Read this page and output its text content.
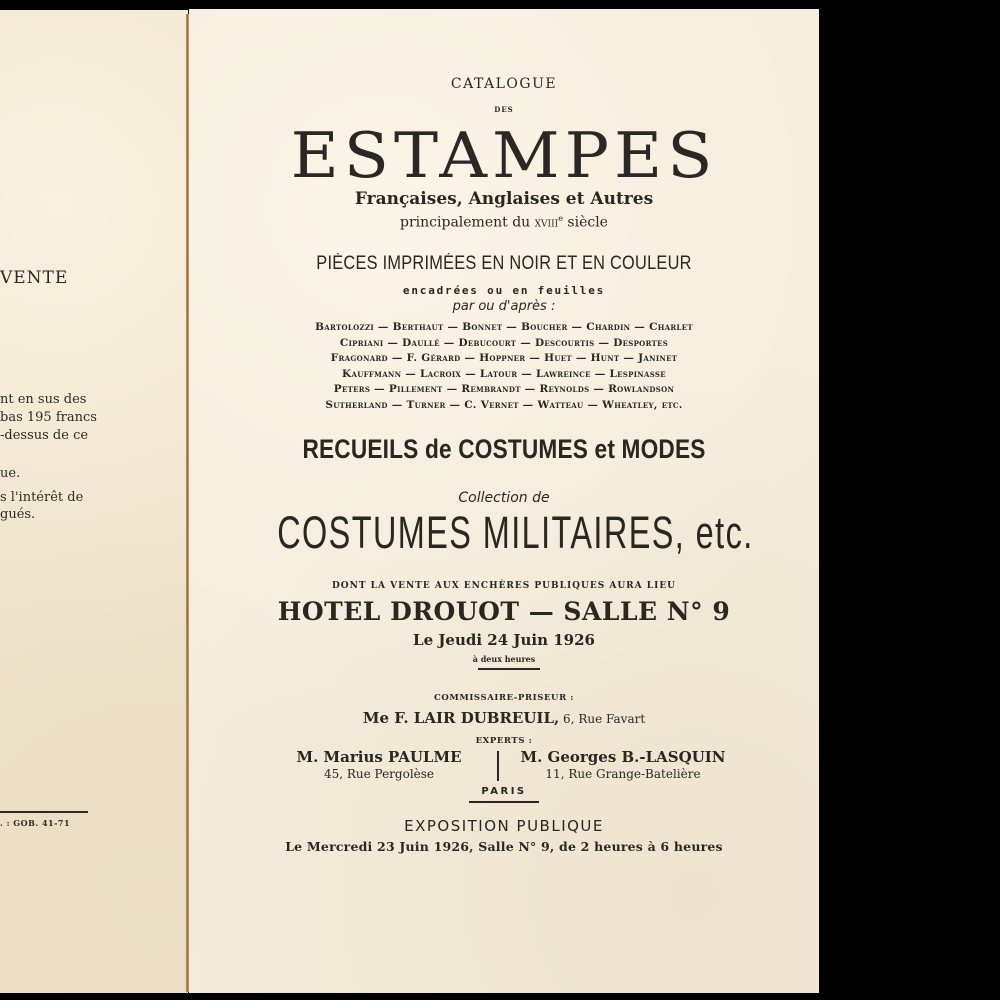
VENTE
nt en sus des
bas 195 francs
-dessus de ce
ue.
s l'intérêt de
gués.
. : GOB. 41-71
CATALOGUE
DES
ESTAMPES
Françaises, Anglaises et Autres
principalement du xviii$^e$ siècle
PIÈCES IMPRIMÉES EN NOIR ET EN COULEUR
encadrées ou en feuilles
par ou d'après :
Bartolozzi — Berthaut — Bonnet — Boucher — Chardin — Charlet
Cipriani — Daullé — Debucourt — Descourtis — Desportes
Fragonard — F. Gérard — Hoppner — Huet — Hunt — Janinet
Kauffmann — Lacroix — Latour — Lawreince — Lespinasse
Peters — Pillement — Rembrandt — Reynolds — Rowlandson
Sutherland — Turner — C. Vernet — Watteau — Wheatley, etc.
RECUEILS de COSTUMES et MODES
Collection de
COSTUMES MILITAIRES, etc.
DONT LA VENTE AUX ENCHÈRES PUBLIQUES AURA LIEU
HOTEL DROUOT — SALLE N° 9
Le Jeudi 24 Juin 1926
à deux heures
COMMISSAIRE-PRISEUR :
Me F. LAIR DUBREUIL, 6, Rue Favart
EXPERTS :
M. Marius PAULME
45, Rue Pergolèse
M. Georges B.-LASQUIN
11, Rue Grange-Batelière
PARIS
EXPOSITION PUBLIQUE
Le Mercredi 23 Juin 1926, Salle N° 9, de 2 heures à 6 heures
